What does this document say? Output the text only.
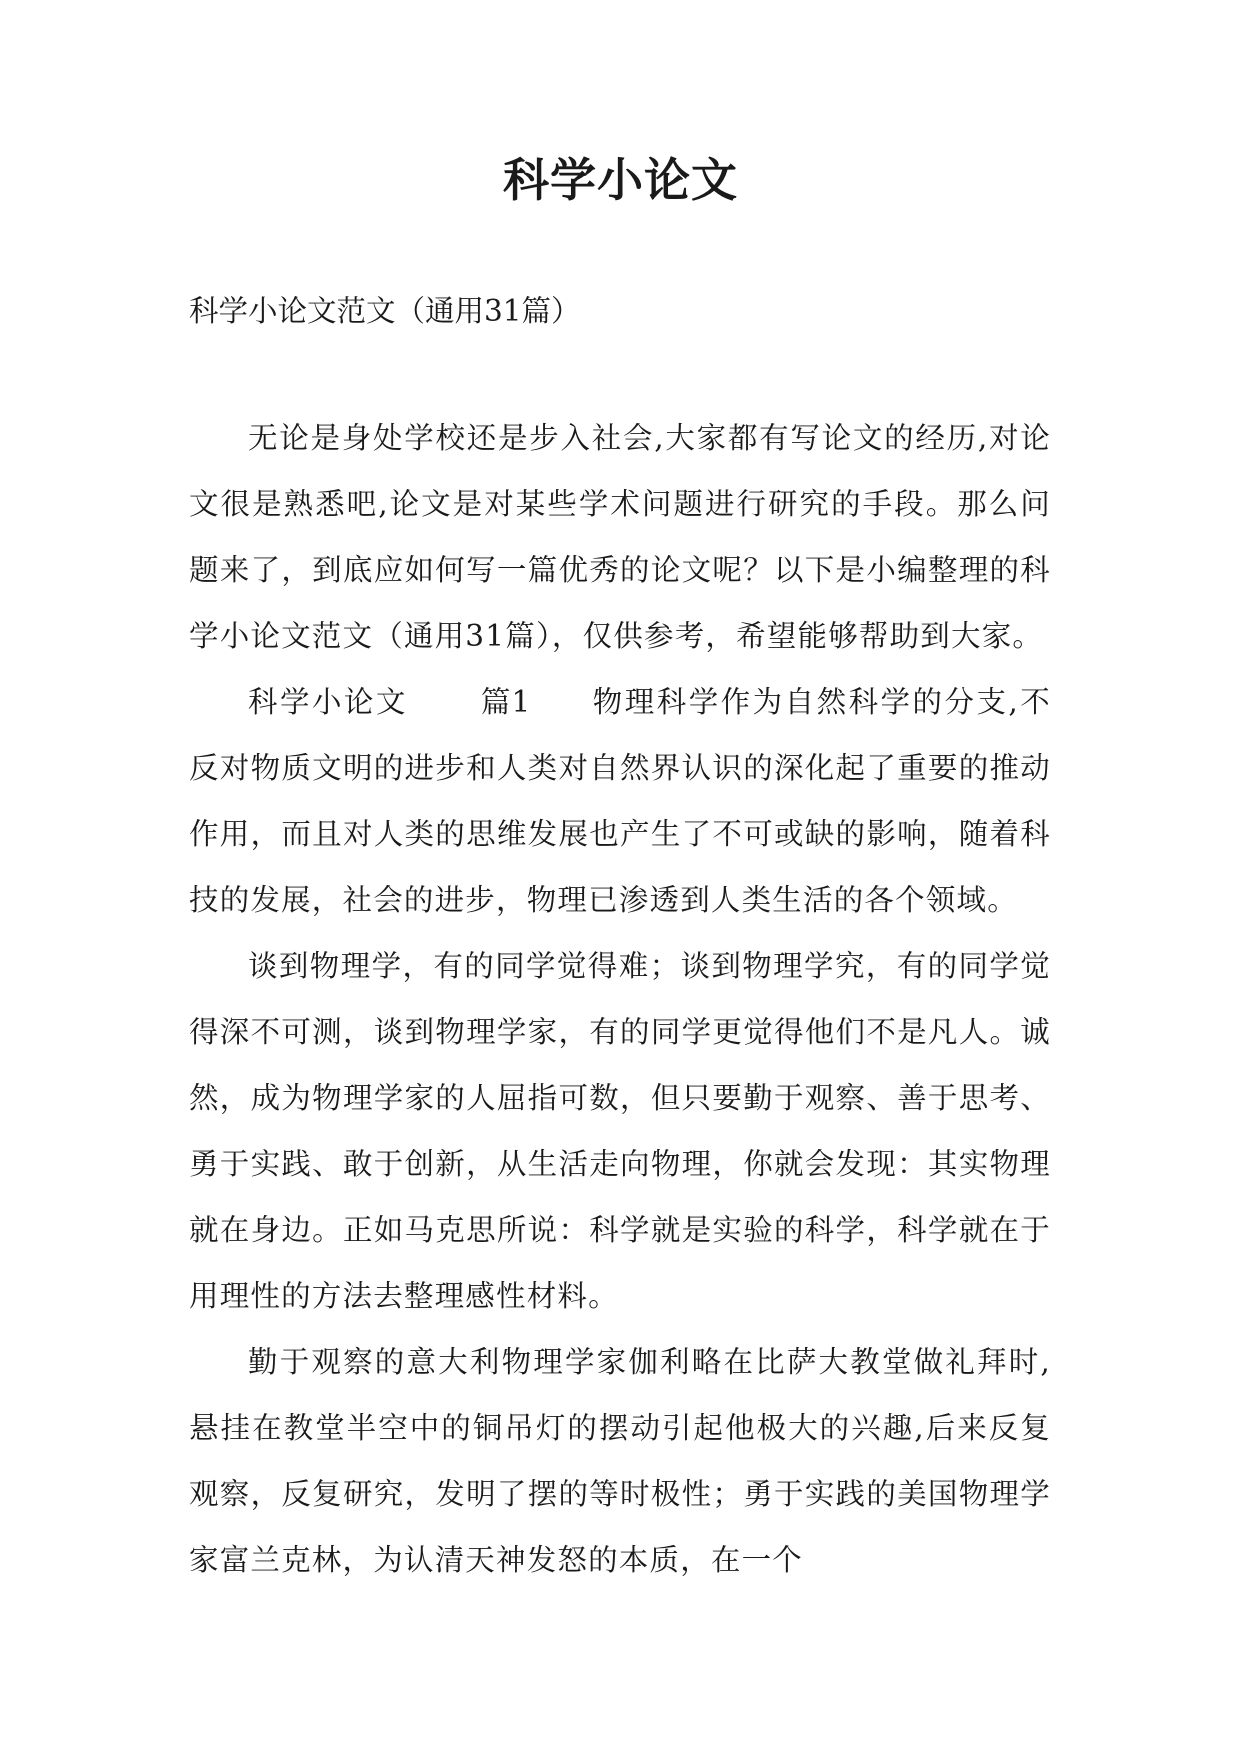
科学小论文

科学小论文范文（通用31篇）

无论是身处学校还是步入社会,大家都有写论文的经历,对论文很是熟悉吧,论文是对某些学术问题进行研究的手段。那么问题来了，到底应如何写一篇优秀的论文呢？以下是小编整理的科学小论文范文（通用31篇），仅供参考，希望能够帮助到大家。

科学小论文 篇1 物理科学作为自然科学的分支,不反对物质文明的进步和人类对自然界认识的深化起了重要的推动作用，而且对人类的思维发展也产生了不可或缺的影响，随着科技的发展，社会的进步，物理已渗透到人类生活的各个领域。

谈到物理学，有的同学觉得难；谈到物理学究，有的同学觉得深不可测，谈到物理学家，有的同学更觉得他们不是凡人。诚然，成为物理学家的人屈指可数，但只要勤于观察、善于思考、勇于实践、敢于创新，从生活走向物理，你就会发现：其实物理就在身边。正如马克思所说：科学就是实验的科学，科学就在于用理性的方法去整理感性材料。

勤于观察的意大利物理学家伽利略在比萨大教堂做礼拜时,悬挂在教堂半空中的铜吊灯的摆动引起他极大的兴趣,后来反复观察，反复研究，发明了摆的等时极性；勇于实践的美国物理学家富兰克林，为认清天神发怒的本质，在一个
